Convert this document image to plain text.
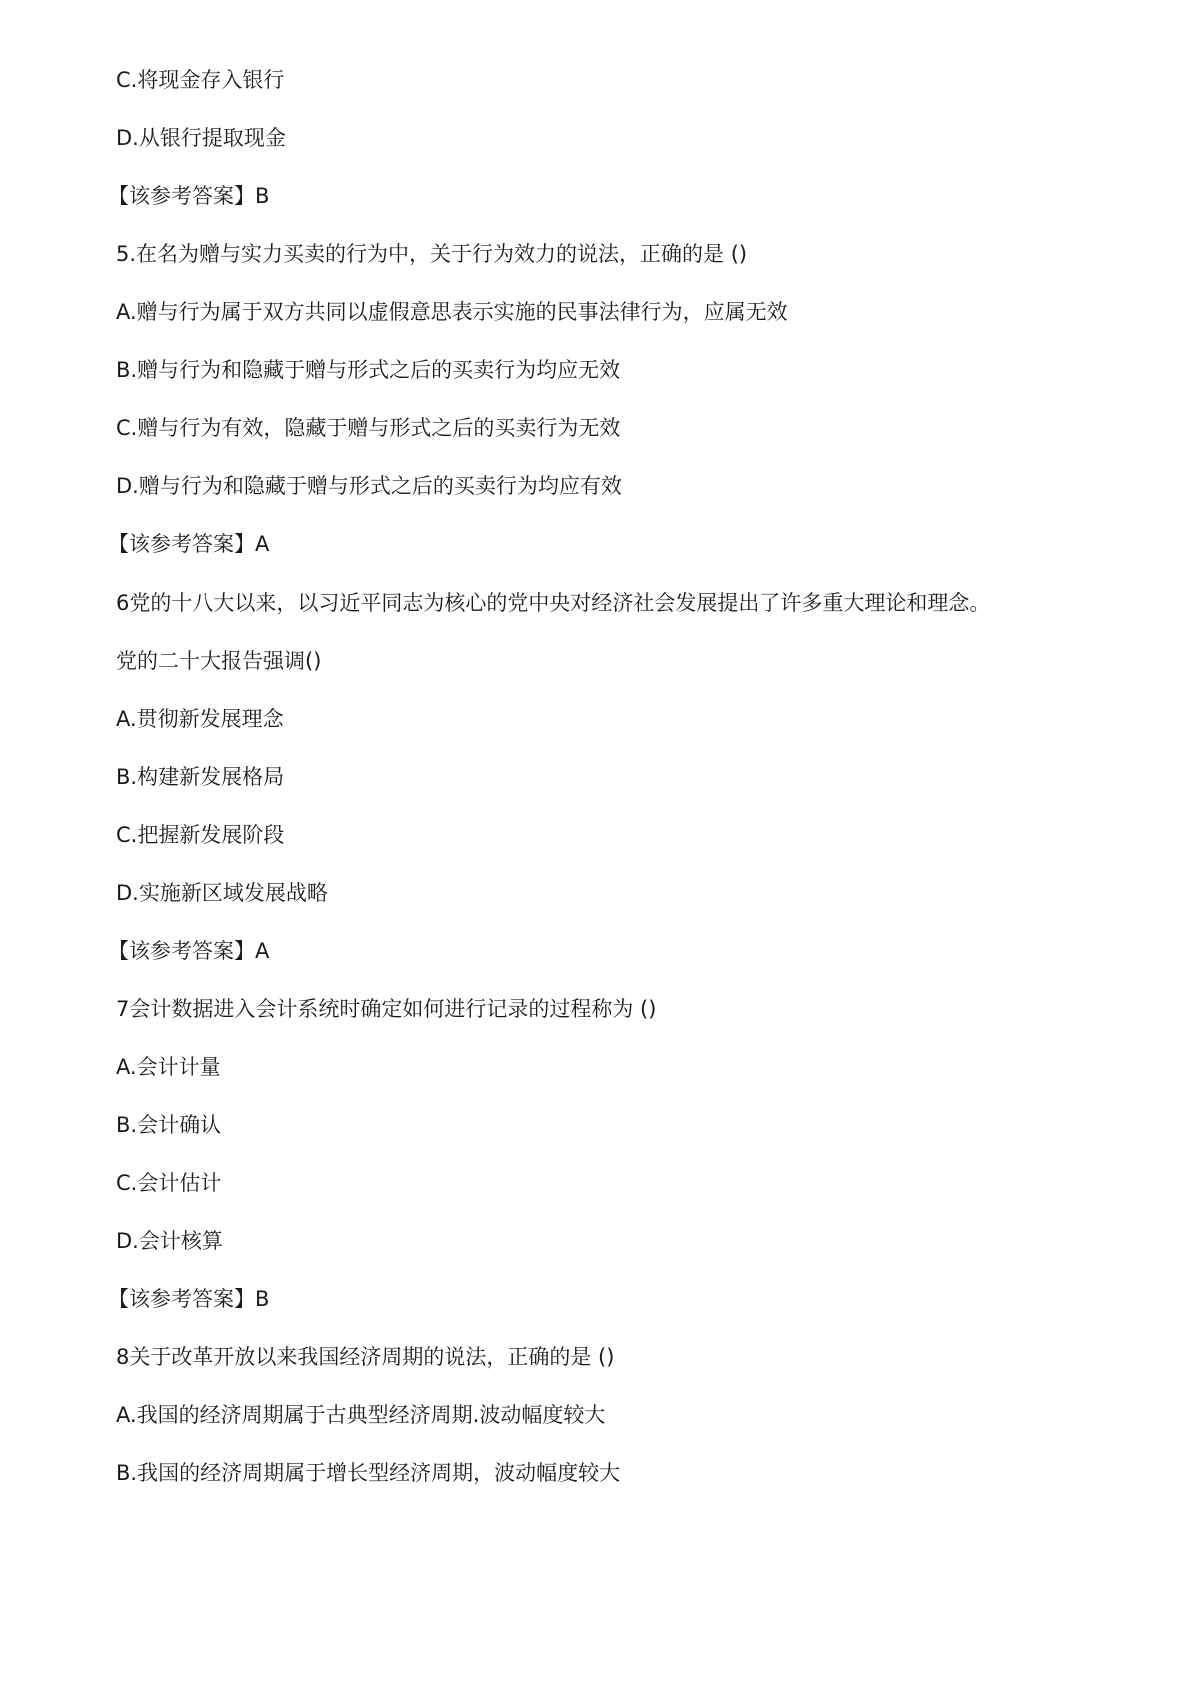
C.将现金存入银行
D.从银行提取现金
【该参考答案】B
5.在名为赠与实力买卖的行为中，关于行为效力的说法，正确的是 ()
A.赠与行为属于双方共同以虚假意思表示实施的民事法律行为，应属无效
B.赠与行为和隐藏于赠与形式之后的买卖行为均应无效
C.赠与行为有效，隐藏于赠与形式之后的买卖行为无效
D.赠与行为和隐藏于赠与形式之后的买卖行为均应有效
【该参考答案】A
6党的十八大以来，以习近平同志为核心的党中央对经济社会发展提出了许多重大理论和理念。
党的二十大报告强调()
A.贯彻新发展理念
B.构建新发展格局
C.把握新发展阶段
D.实施新区域发展战略
【该参考答案】A
7会计数据进入会计系统时确定如何进行记录的过程称为 ()
A.会计计量
B.会计确认
C.会计估计
D.会计核算
【该参考答案】B
8关于改革开放以来我国经济周期的说法，正确的是 ()
A.我国的经济周期属于古典型经济周期.波动幅度较大
B.我国的经济周期属于增长型经济周期，波动幅度较大
